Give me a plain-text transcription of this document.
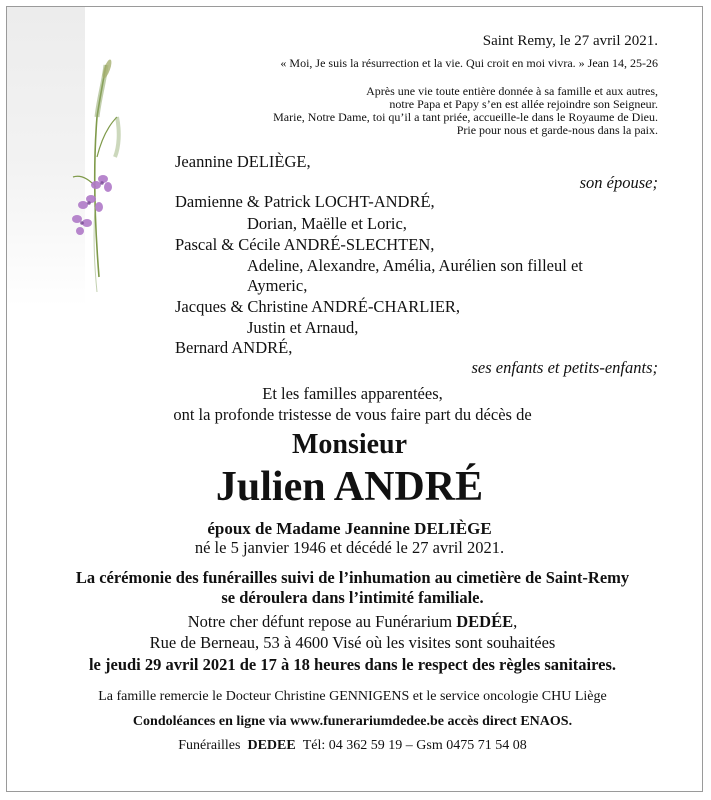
Saint Remy, le 27 avril 2021.
« Moi, Je suis la résurrection et la vie. Qui croit en moi vivra. » Jean 14, 25-26
Après une vie toute entière donnée à sa famille et aux autres,
notre Papa et Papy s’en est allée rejoindre son Seigneur.
Marie, Notre Dame, toi qu’il a tant priée, accueille-le dans le Royaume de Dieu.
Prie pour nous et garde-nous dans la paix.
Jeannine DELIÈGE,
son épouse;
Damienne & Patrick LOCHT-ANDRÉ,
Dorian, Maëlle et Loric,
Pascal & Cécile ANDRÉ-SLECHTEN,
Adeline, Alexandre, Amélia, Aurélien son filleul et
Aymeric,
Jacques & Christine ANDRÉ-CHARLIER,
Justin et Arnaud,
Bernard ANDRÉ,
ses enfants et petits-enfants;
Et les familles apparentées,
ont la profonde tristesse de vous faire part du décès de
Monsieur
Julien ANDRÉ
époux de Madame Jeannine DELIÈGE
né le 5 janvier 1946 et décédé le 27 avril 2021.
La cérémonie des funérailles suivi de l’inhumation au cimetière de Saint-Remy
se déroulera dans l’intimité familiale.
Notre cher défunt repose au Funérarium DEDÉE,
Rue de Berneau, 53 à 4600 Visé où les visites sont souhaitées
le jeudi 29 avril 2021 de 17 à 18 heures dans le respect des règles sanitaires.
La famille remercie le Docteur Christine GENNIGENS et le service oncologie CHU Liège
Condoléances en ligne via www.funerariumdedee.be accès direct ENAOS.
Funérailles DEDEE Tél: 04 362 59 19 – Gsm 0475 71 54 08
